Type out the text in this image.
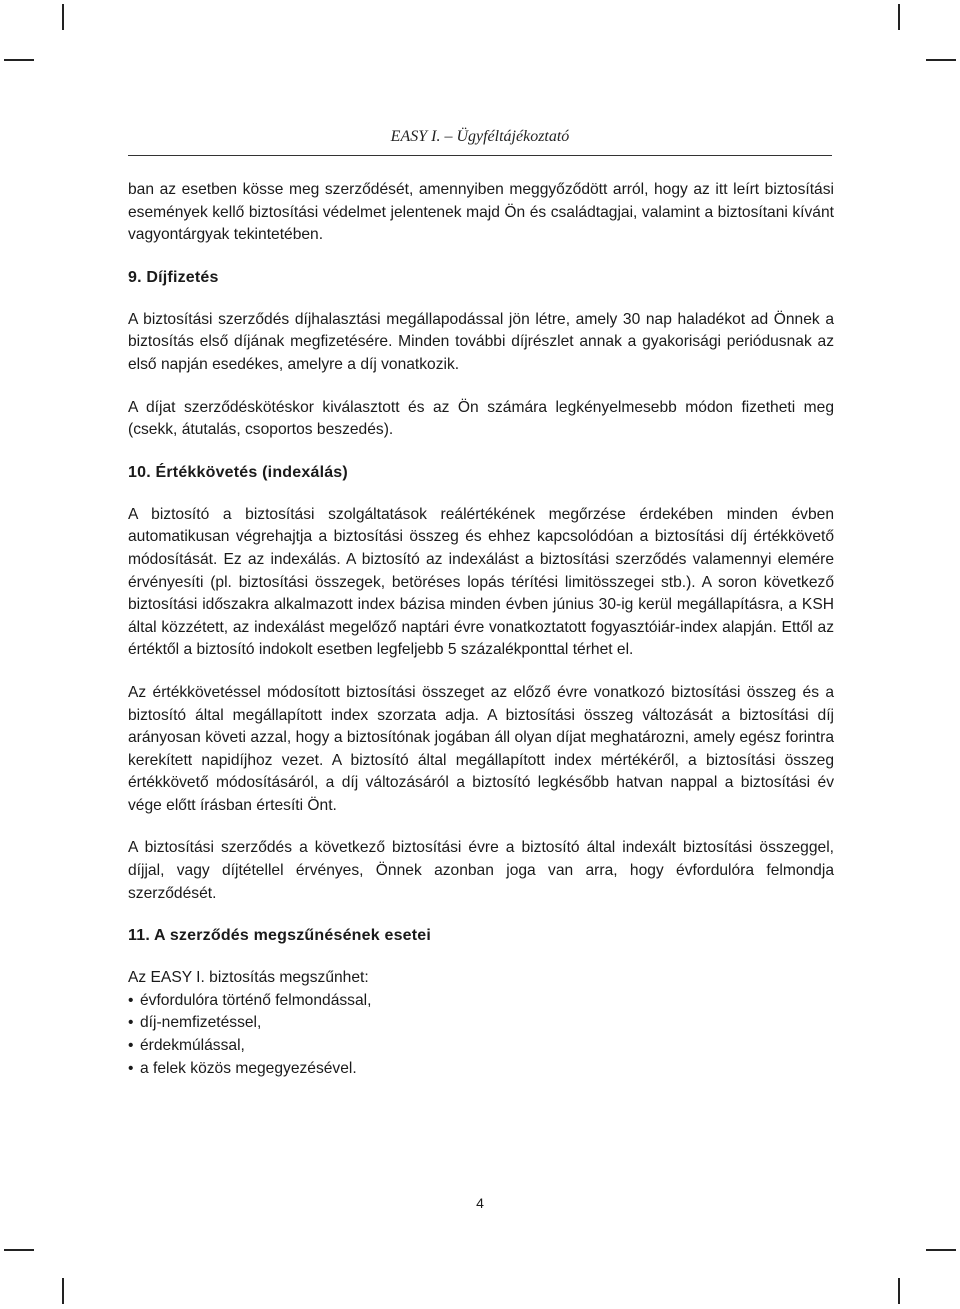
EASY I. – Ügyféltájékoztató

ban az esetben kösse meg szerződését, amennyiben meggyőződött arról, hogy az itt leírt biztosítási események kellő biztosítási védelmet jelentenek majd Ön és családtagjai, valamint a biztosítani kívánt vagyontárgyak tekintetében.

9. Díjfizetés

A biztosítási szerződés díjhalasztási megállapodással jön létre, amely 30 nap haladékot ad Önnek a biztosítás első díjának megfizetésére. Minden további díjrészlet annak a gyakorisági periódusnak az első napján esedékes, amelyre a díj vonatkozik.

A díjat szerződéskötéskor kiválasztott és az Ön számára legkényelmesebb módon fizetheti meg (csekk, átutalás, csoportos beszedés).

10. Értékkövetés (indexálás)

A biztosító a biztosítási szolgáltatások reálértékének megőrzése érdekében minden évben automatikusan végrehajtja a biztosítási összeg és ehhez kapcsolódóan a biztosítási díj értékkövető módosítását. Ez az indexálás. A biztosító az indexálást a biztosítási szerződés valamennyi elemére érvényesíti (pl. biztosítási összegek, betöréses lopás térítési limitösszegei stb.). A soron következő biztosítási időszakra alkalmazott index bázisa minden évben június 30-ig kerül megállapításra, a KSH által közzétett, az indexálást megelőző naptári évre vonatkoztatott fogyasztóiár-index alapján. Ettől az értéktől a biztosító indokolt esetben legfeljebb 5 százalékponttal térhet el.

Az értékkövetéssel módosított biztosítási összeget az előző évre vonatkozó biztosítási összeg és a biztosító által megállapított index szorzata adja. A biztosítási összeg változását a biztosítási díj arányosan követi azzal, hogy a biztosítónak jogában áll olyan díjat meghatározni, amely egész forintra kerekített napidíjhoz vezet. A biztosító által megállapított index mértékéről, a biztosítási összeg értékkövető módosításáról, a díj változásáról a biztosító legkésőbb hatvan nappal a biztosítási év vége előtt írásban értesíti Önt.

A biztosítási szerződés a következő biztosítási évre a biztosító által indexált biztosítási összeggel, díjjal, vagy díjtétellel érvényes, Önnek azonban joga van arra, hogy évfordulóra felmondja szerződését.

11. A szerződés megszűnésének esetei

Az EASY I. biztosítás megszűnhet:

• évfordulóra történő felmondással,
• díj-nemfizetéssel,
• érdekmúlással,
• a felek közös megegyezésével.
4
